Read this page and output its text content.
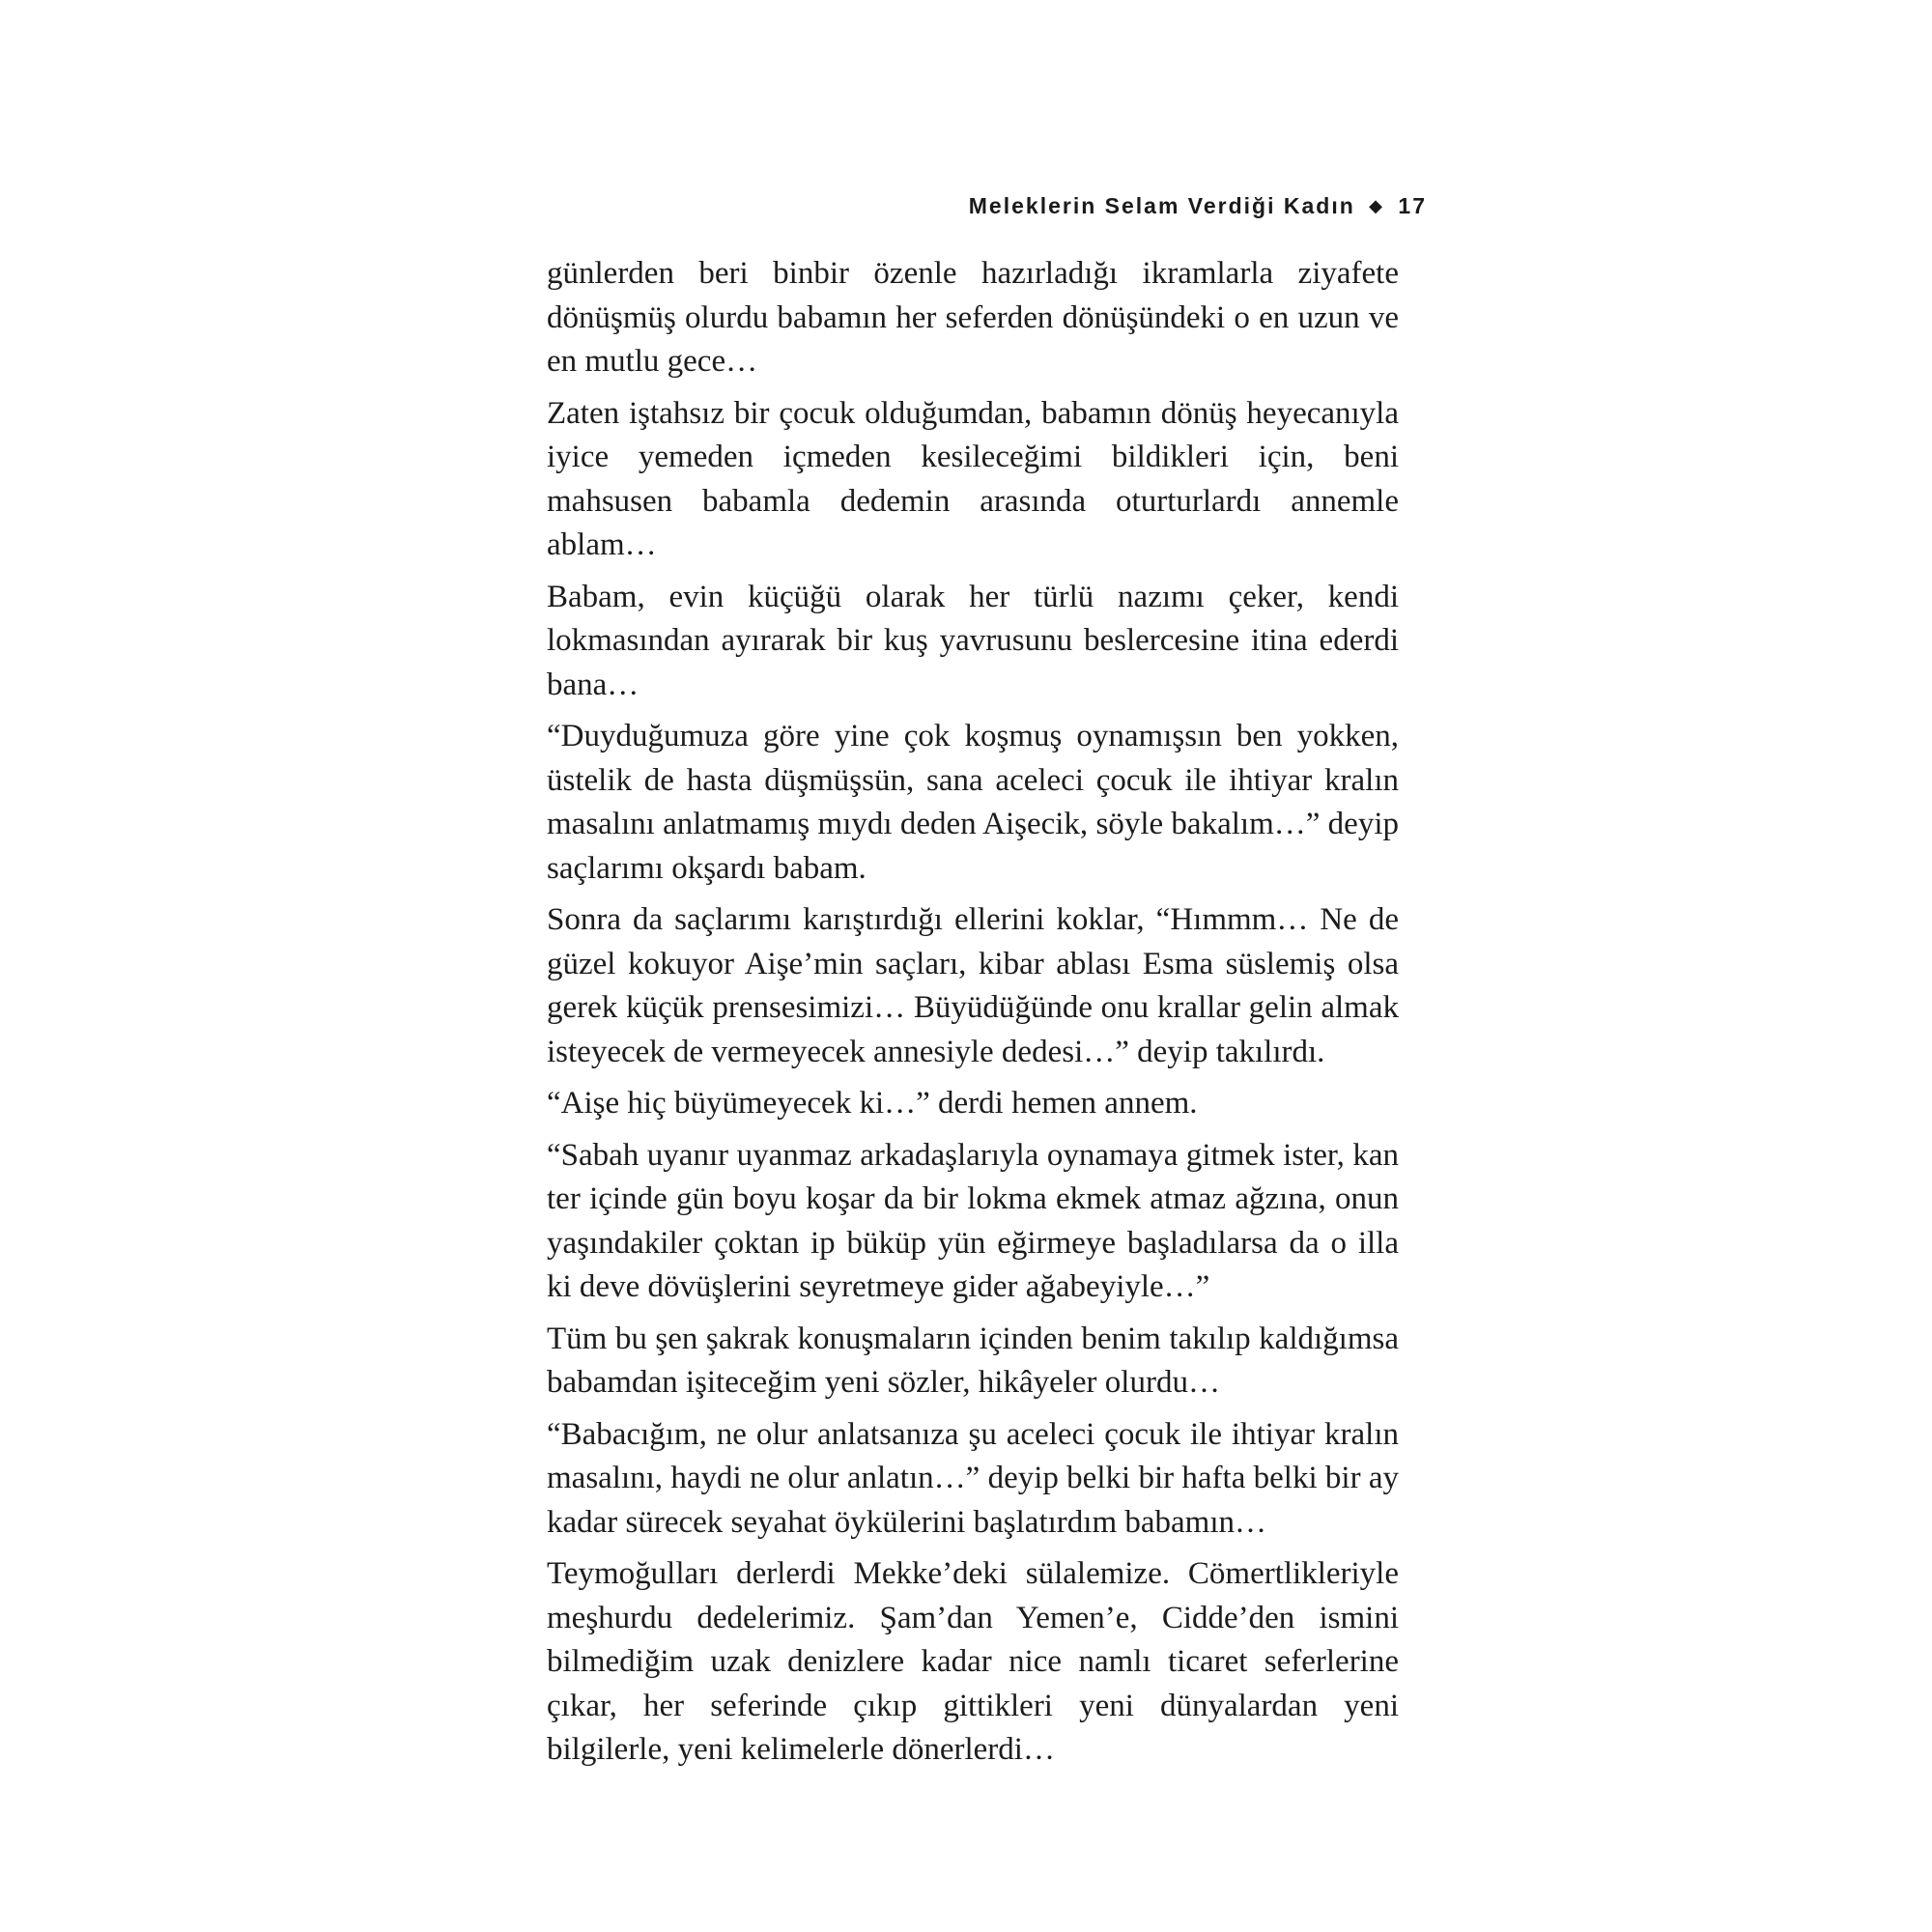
Meleklerin Selam Verdiği Kadın ◆ 17

günlerden beri binbir özenle hazırladığı ikramlarla ziyafete dönüşmüş olurdu babamın her seferden dönüşündeki o en uzun ve en mutlu gece…

Zaten iştahsız bir çocuk olduğumdan, babamın dönüş heyecanıyla iyice yemeden içmeden kesileceğimi bildikleri için, beni mahsusen babamla dedemin arasında oturturlardı annemle ablam…

Babam, evin küçüğü olarak her türlü nazımı çeker, kendi lokmasından ayırarak bir kuş yavrusunu beslercesine itina ederdi bana…

“Duyduğumuza göre yine çok koşmuş oynamışsın ben yokken, üstelik de hasta düşmüşsün, sana aceleci çocuk ile ihtiyar kralın masalını anlatmamış mıydı deden Aişecik, söyle bakalım…” deyip saçlarımı okşardı babam.

Sonra da saçlarımı karıştırdığı ellerini koklar, “Hımmm… Ne de güzel kokuyor Aişe’min saçları, kibar ablası Esma süslemiş olsa gerek küçük prensesimizi… Büyüdüğünde onu krallar gelin almak isteyecek de vermeyecek annesiyle dedesi…” deyip takılırdı.

“Aişe hiç büyümeyecek ki…” derdi hemen annem.

“Sabah uyanır uyanmaz arkadaşlarıyla oynamaya gitmek ister, kan ter içinde gün boyu koşar da bir lokma ekmek atmaz ağzına, onun yaşındakiler çoktan ip büküp yün eğirmeye başladılarsa da o illa ki deve dövüşlerini seyretmeye gider ağabeyiyle…”

Tüm bu şen şakrak konuşmaların içinden benim takılıp kaldığımsa babamdan işiteceğim yeni sözler, hikâyeler olurdu…

“Babacığım, ne olur anlatsanıza şu aceleci çocuk ile ihtiyar kralın masalını, haydi ne olur anlatın…” deyip belki bir hafta belki bir ay kadar sürecek seyahat öykülerini başlatırdım babamın…

Teymoğulları derlerdi Mekke’deki sülalemize. Cömertlikleriyle meşhurdu dedelerimiz. Şam’dan Yemen’e, Cidde’den ismini bilmediğim uzak denizlere kadar nice namlı ticaret seferlerine çıkar, her seferinde çıkıp gittikleri yeni dünyalardan yeni bilgilerle, yeni kelimelerle dönerlerdi…
